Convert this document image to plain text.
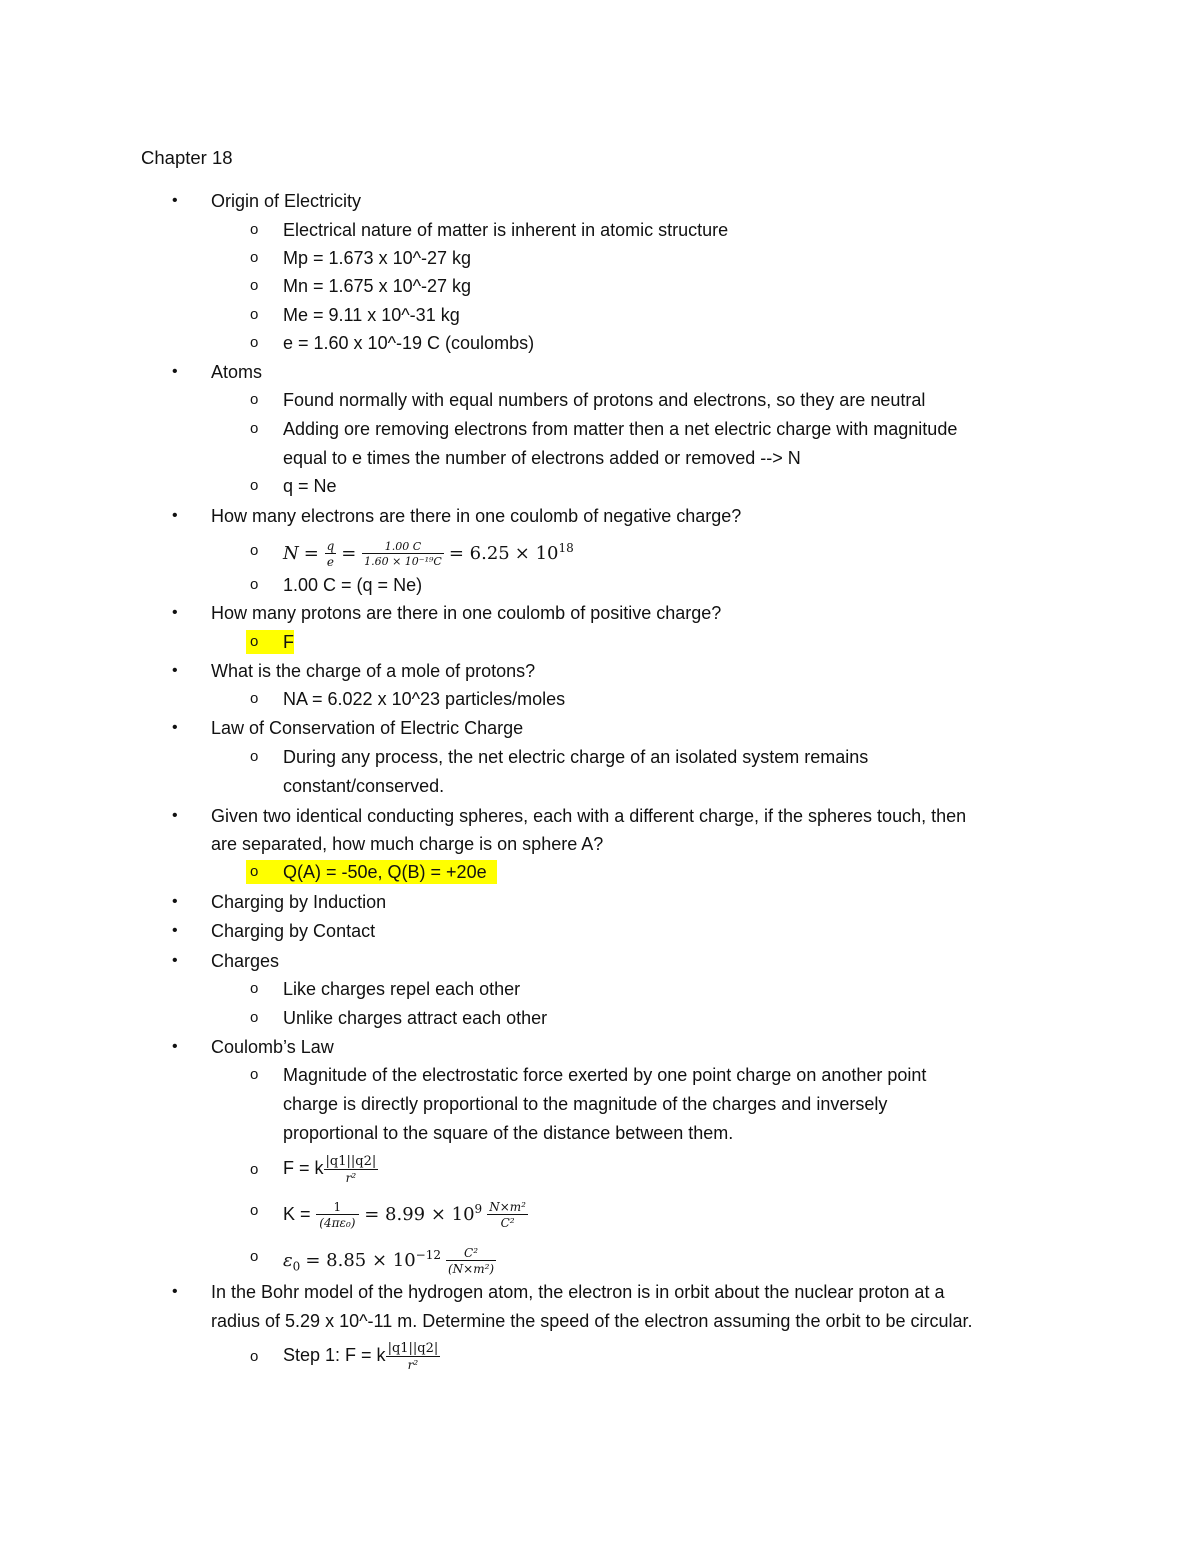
Chapter 18
• Origin of Electricity
o Electrical nature of matter is inherent in atomic structure
o Mp = 1.673 x 10^-27 kg
o Mn = 1.675 x 10^-27 kg
o Me = 9.11 x 10^-31 kg
o e = 1.60 x 10^-19 C (coulombs)
• Atoms
o Found normally with equal numbers of protons and electrons, so they are neutral
o Adding ore removing electrons from matter then a net electric charge with magnitude
equal to e times the number of electrons added or removed --> N
o q = Ne
• How many electrons are there in one coulomb of negative charge?
o $N = \frac{q}{e} = \frac{1.00 C}{\text{1.60 × 10⁻¹⁹C}} = 6.25 \times 10^{18}$
o 1.00 C = (q = Ne)
• How many protons are there in one coulomb of positive charge?
o F
• What is the charge of a mole of protons?
o NA = 6.022 x 10^23 particles/moles
• Law of Conservation of Electric Charge
o During any process, the net electric charge of an isolated system remains
constant/conserved.
• Given two identical conducting spheres, each with a different charge, if the spheres touch, then
are separated, how much charge is on sphere A?
o Q(A) = -50e, Q(B) = +20e
• Charging by Induction
• Charging by Contact
• Charges
o Like charges repel each other
o Unlike charges attract each other
• Coulomb’s Law
o Magnitude of the electrostatic force exerted by one point charge on another point
charge is directly proportional to the magnitude of the charges and inversely
proportional to the square of the distance between them.
o F = k $\frac{|q1||q2|}{\text{r²}}$
o $K = \frac{1}{\text{(4πε₀)}} = 8.99 \times 10^9 \frac{\text{N×m²}}{\text{C²}}$
o $\varepsilon_0 = 8.85 \times 10^{-12} \frac{\text{C²}}{\text{(N×m²)}}$
• In the Bohr model of the hydrogen atom, the electron is in orbit about the nuclear proton at a
radius of 5.29 x 10^-11 m. Determine the speed of the electron assuming the orbit to be circular.
o Step 1: F = k $\frac{|q1||q2|}{\text{r²}}$
